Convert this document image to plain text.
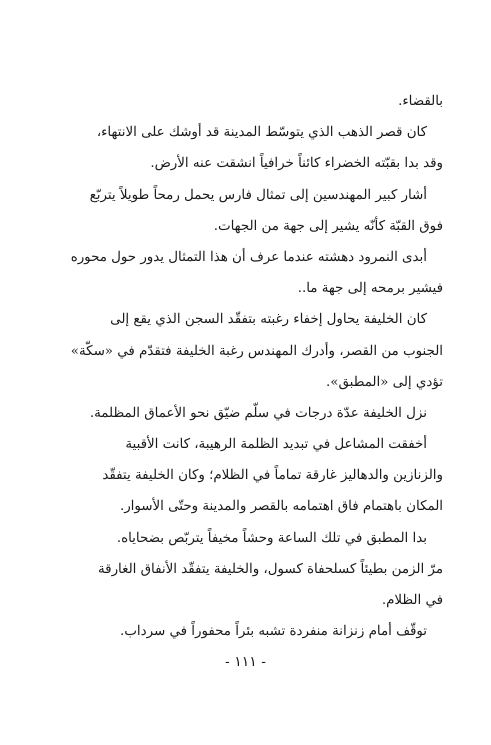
بالقضاء.
كان قصر الذهب الذي يتوسّط المدينة قد أوشك على الانتهاء،
وقد بدا بقبّته الخضراء كائناً خرافياً انشقت عنه الأرض.
أشار كبير المهندسين إلى تمثال فارس يحمل رمحاً طويلاً يتربّع
فوق القبّة كأنّه يشير إلى جهة من الجهات.
أبدى النمرود دهشته عندما عرف أن هذا التمثال يدور حول محوره
فيشير برمحه إلى جهة ما..
كان الخليفة يحاول إخفاء رغبته بتفقّد السجن الذي يقع إلى
الجنوب من القصر، وأدرك المهندس رغبة الخليفة فتقدّم في «سكّة»
تؤدي إلى «المطبق».
نزل الخليفة عدّة درجات في سلّم ضيّق نحو الأعماق المظلمة.
أخفقت المشاعل في تبديد الظلمة الرهيبة، كانت الأقبية
والزنازين والدهاليز غارقة تماماً في الظلام؛ وكان الخليفة يتفقّد
المكان باهتمام فاق اهتمامه بالقصر والمدينة وحتّى الأسوار.
بدا المطبق في تلك الساعة وحشاً مخيفاً يتربّص بضحاياه.
مرّ الزمن بطيئاً كسلحفاة كسول، والخليفة يتفقّد الأنفاق الغارقة
في الظلام.
توقّف أمام زنزانة منفردة تشبه بئراً محفوراً في سرداب.
- ١١١ -
